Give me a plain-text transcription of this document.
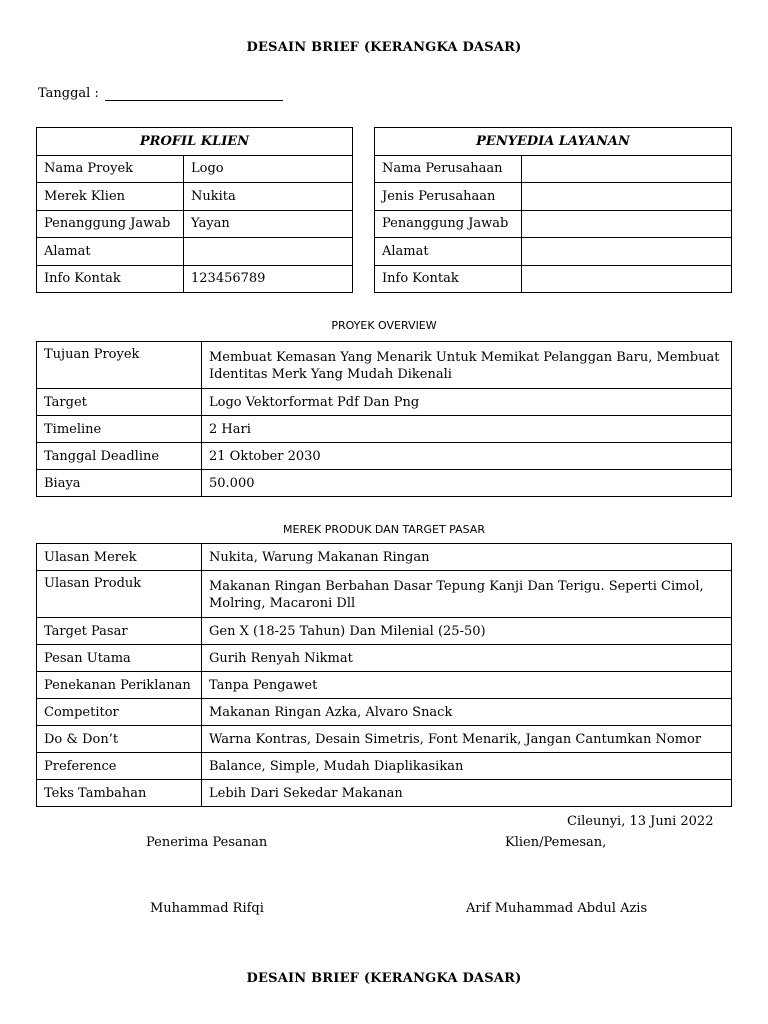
DESAIN BRIEF (KERANGKA DASAR)
Tanggal :
PROFIL KLIEN	
Nama Proyek	Logo
Merek Klien	Nukita
Penanggung Jawab	Yayan
Alamat	
Info Kontak	123456789
PENYEDIA LAYANAN	
Nama Perusahaan	
Jenis Perusahaan	
Penanggung Jawab	
Alamat	
Info Kontak	
PROYEK OVERVIEW
Tujuan Proyek	Membuat Kemasan Yang Menarik Untuk Memikat Pelanggan Baru, Membuat Identitas Merk Yang Mudah Dikenali
Target	Logo Vektorformat Pdf Dan Png
Timeline	2 Hari
Tanggal Deadline	21 Oktober 2030
Biaya	50.000
MEREK PRODUK DAN TARGET PASAR
Ulasan Merek	Nukita, Warung Makanan Ringan
Ulasan Produk	Makanan Ringan Berbahan Dasar Tepung Kanji Dan Terigu. Seperti Cimol, Molring, Macaroni Dll
Target Pasar	Gen X (18-25 Tahun) Dan Milenial (25-50)
Pesan Utama	Gurih Renyah Nikmat
Penekanan Periklanan	Tanpa Pengawet
Competitor	Makanan Ringan Azka, Alvaro Snack
Do & Don’t	Warna Kontras, Desain Simetris, Font Menarik, Jangan Cantumkan Nomor
Preference	Balance, Simple, Mudah Diaplikasikan
Teks Tambahan	Lebih Dari Sekedar Makanan
Cileunyi, 13 Juni 2022
Penerima Pesanan	Klien/Pemesan,
Muhammad Rifqi	Arif Muhammad Abdul Azis
DESAIN BRIEF (KERANGKA DASAR)
